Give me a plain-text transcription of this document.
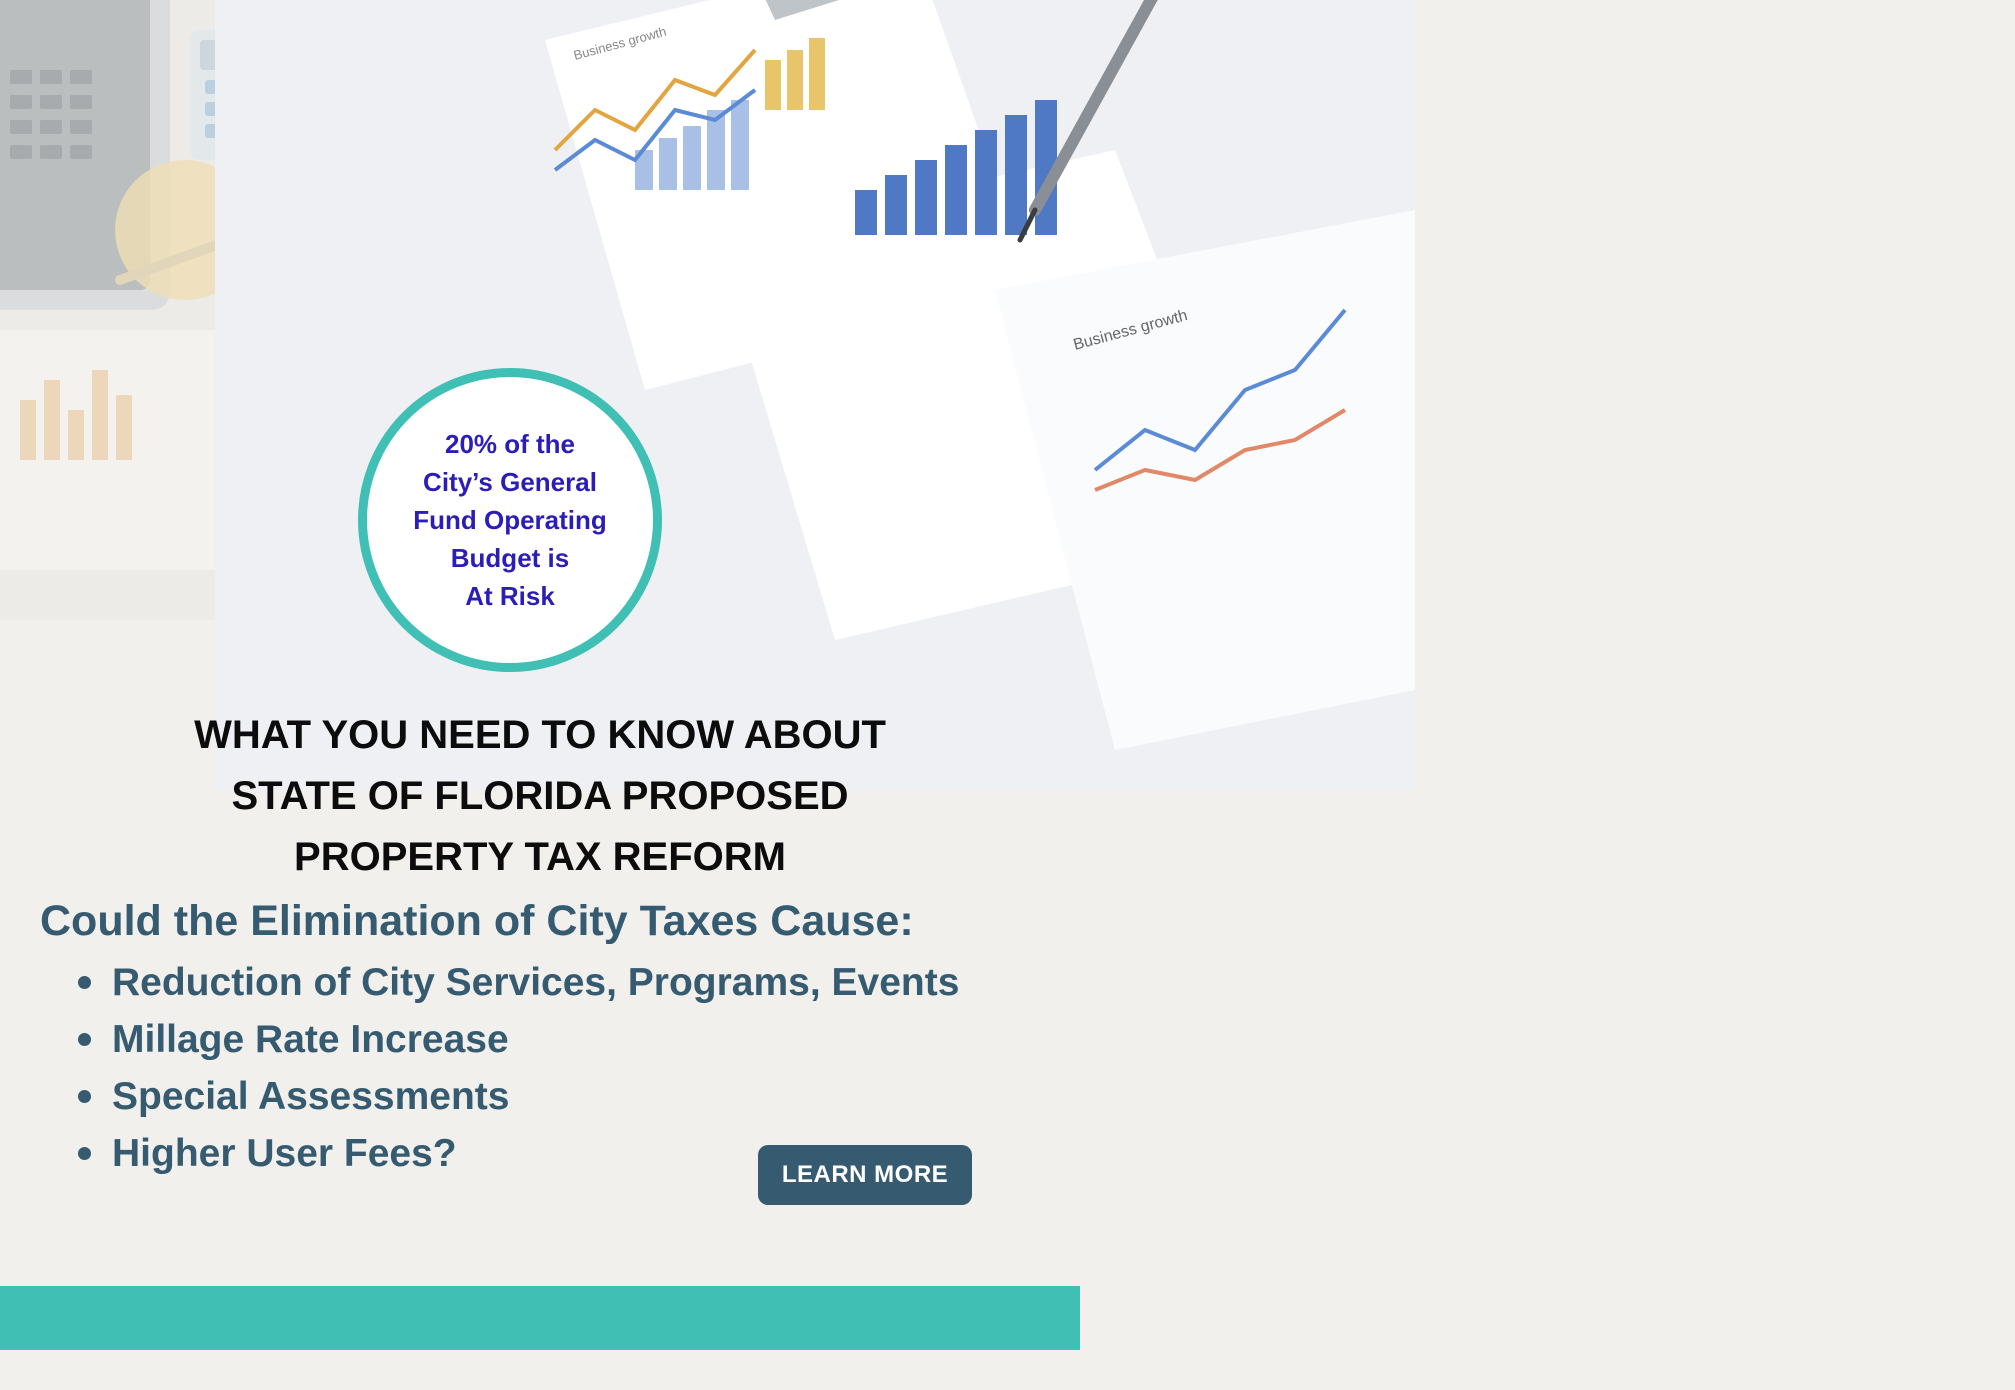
Business growth
Business growth
20% of the
City’s General
Fund Operating
Budget is
At Risk
WHAT YOU NEED TO KNOW ABOUT
STATE OF FLORIDA PROPOSED
PROPERTY TAX REFORM
Could the Elimination of City Taxes Cause:
Reduction of City Services, Programs, Events
Millage Rate Increase
Special Assessments
Higher User Fees?	LEARN MORE
